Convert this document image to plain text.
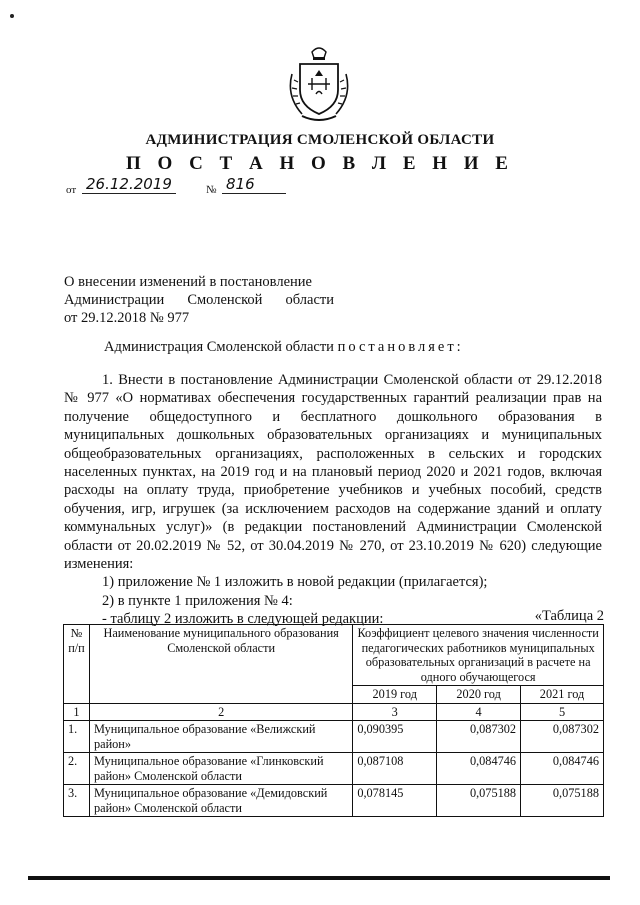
АДМИНИСТРАЦИЯ СМОЛЕНСКОЙ ОБЛАСТИ
П О С Т А Н О В Л Е Н И Е
от 26.12.2019	№ 816
О внесении изменений в постановление
Администрации Смоленской области
от 29.12.2018 № 977
Администрация Смоленской области постановляет:
1. Внести в постановление Администрации Смоленской области от 29.12.2018 № 977 «О нормативах обеспечения государственных гарантий реализации прав на получение общедоступного и бесплатного дошкольного образования в муниципальных дошкольных образовательных организациях и муниципальных общеобразовательных организациях, расположенных в сельских и городских населенных пунктах, на 2019 год и на плановый период 2020 и 2021 годов, включая расходы на оплату труда, приобретение учебников и учебных пособий, средств обучения, игр, игрушек (за исключением расходов на содержание зданий и оплату коммунальных услуг)» (в редакции постановлений Администрации Смоленской области от 20.02.2019 № 52, от 30.04.2019 № 270, от 23.10.2019 № 620) следующие изменения:
1) приложение № 1 изложить в новой редакции (прилагается);
2) в пункте 1 приложения № 4:
- таблицу 2 изложить в следующей редакции:	«Таблица 2
№ п/п	Наименование муниципального образования Смоленской области	Коэффициент целевого значения численности педагогических работников муниципальных образовательных организаций в расчете на одного обучающегося		
		2019 год	2020 год	2021 год
1	2	3	4	5
1.	Муниципальное образование «Велижский район»	0,090395	0,087302	0,087302
2.	Муниципальное образование «Глинковский район» Смоленской области	0,087108	0,084746	0,084746
3.	Муниципальное образование «Демидовский район» Смоленской области	0,078145	0,075188	0,075188
